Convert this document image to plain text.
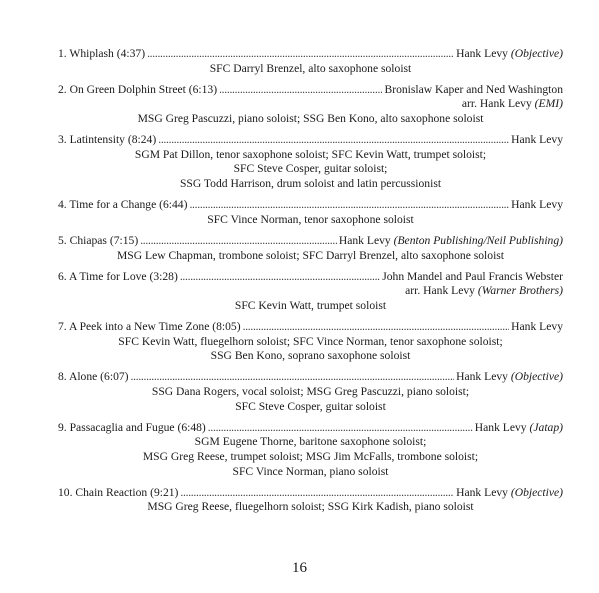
1. Whiplash (4:37) . . .	Hank Levy (Objective)
SFC Darryl Brenzel, alto saxophone soloist
2. On Green Dolphin Street (6:13) . . .	Bronislaw Kaper and Ned Washington
arr. Hank Levy (EMI)
MSG Greg Pascuzzi, piano soloist; SSG Ben Kono, alto saxophone soloist
3. Latintensity (8:24) . . .	Hank Levy
SGM Pat Dillon, tenor saxophone soloist; SFC Kevin Watt, trumpet soloist;
SFC Steve Cosper, guitar soloist;
SSG Todd Harrison, drum soloist and latin percussionist
4. Time for a Change (6:44) . . .	Hank Levy
SFC Vince Norman, tenor saxophone soloist
5. Chiapas (7:15) . . .	Hank Levy (Benton Publishing/Neil Publishing)
MSG Lew Chapman, trombone soloist; SFC Darryl Brenzel, alto saxophone soloist
6. A Time for Love (3:28) . . .	John Mandel and Paul Francis Webster
arr. Hank Levy (Warner Brothers)
SFC Kevin Watt, trumpet soloist
7. A Peek into a New Time Zone (8:05) . . .	Hank Levy
SFC Kevin Watt, fluegelhorn soloist; SFC Vince Norman, tenor saxophone soloist;
SSG Ben Kono, soprano saxophone soloist
8. Alone (6:07) . . .	Hank Levy (Objective)
SSG Dana Rogers, vocal soloist; MSG Greg Pascuzzi, piano soloist;
SFC Steve Cosper, guitar soloist
9. Passacaglia and Fugue (6:48) . . .	Hank Levy (Jatap)
SGM Eugene Thorne, baritone saxophone soloist;
MSG Greg Reese, trumpet soloist; MSG Jim McFalls, trombone soloist;
SFC Vince Norman, piano soloist
10. Chain Reaction (9:21) . . .	Hank Levy (Objective)
MSG Greg Reese, fluegelhorn soloist; SSG Kirk Kadish, piano soloist
16
